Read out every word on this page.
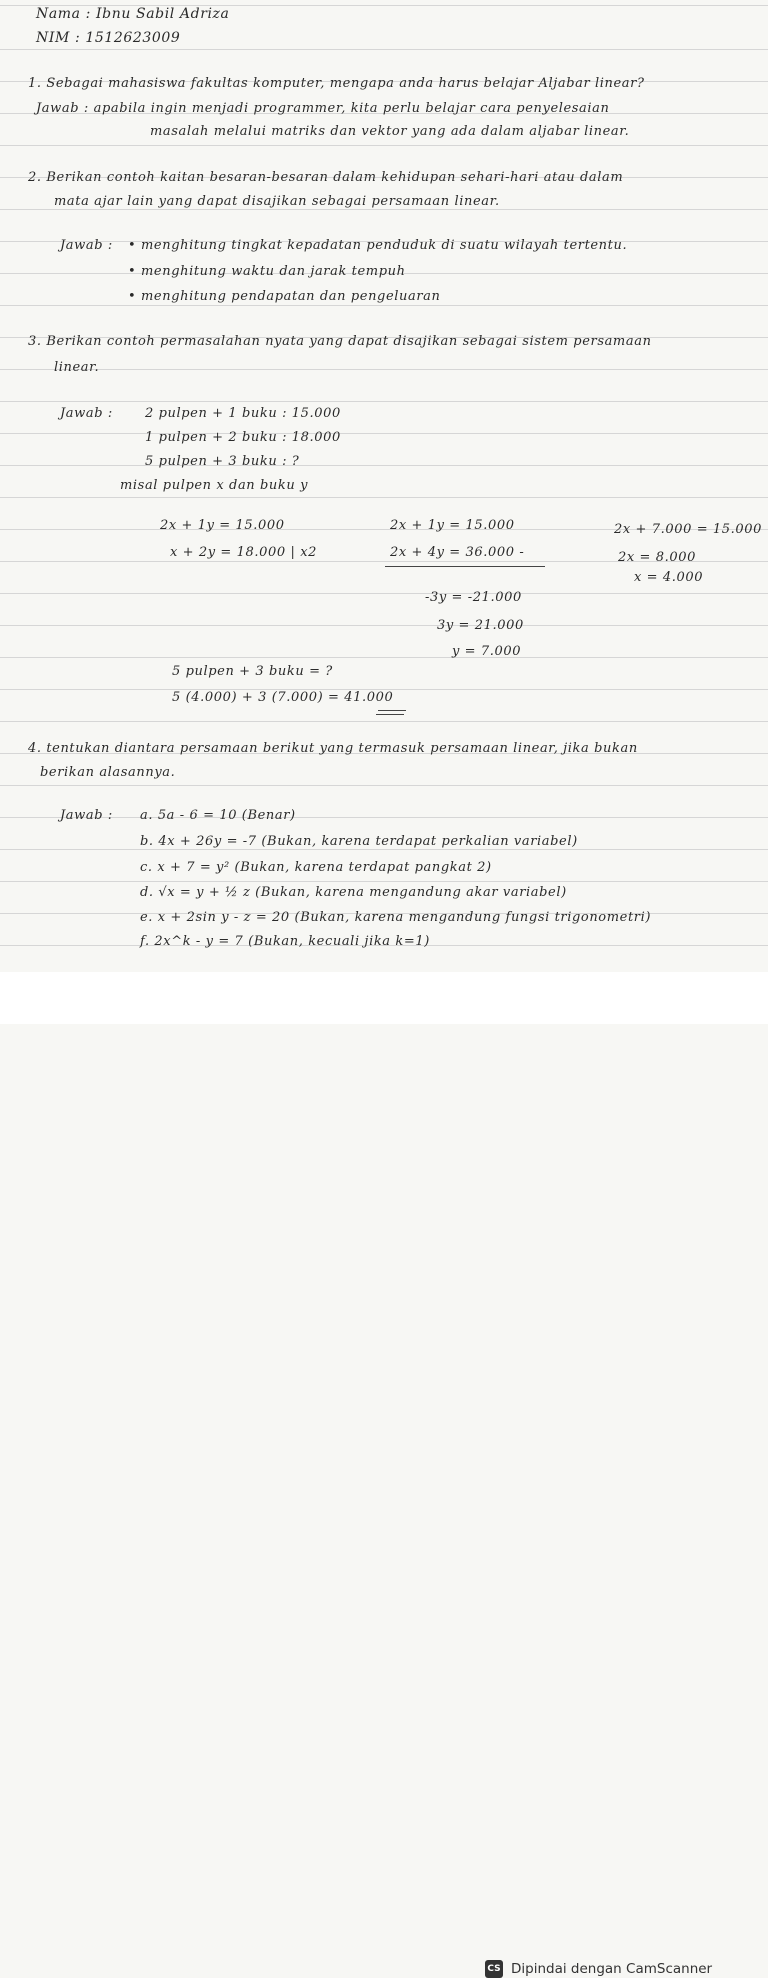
Nama : Ibnu Sabil Adriza
NIM : 1512623009
1. Sebagai mahasiswa fakultas komputer, mengapa anda harus belajar Aljabar linear?
Jawab : apabila ingin menjadi programmer, kita perlu belajar cara penyelesaian
masalah melalui matriks dan vektor yang ada dalam aljabar linear.
2. Berikan contoh kaitan besaran-besaran dalam kehidupan sehari-hari atau dalam
mata ajar lain yang dapat disajikan sebagai persamaan linear.
Jawab : • menghitung tingkat kepadatan penduduk di suatu wilayah tertentu.
• menghitung waktu dan jarak tempuh
• menghitung pendapatan dan pengeluaran
3. Berikan contoh permasalahan nyata yang dapat disajikan sebagai sistem persamaan
linear.
Jawab : 2 pulpen + 1 buku : 15.000
1 pulpen + 2 buku : 18.000
5 pulpen + 3 buku : ?
misal pulpen x dan buku y
2x + 1y = 15.000
x + 2y = 18.000 | x2
2x + 1y = 15.000
2x + 4y = 36.000 -
-3y = -21.000
3y = 21.000
y = 7.000
2x + 7.000 = 15.000
2x = 8.000
x = 4.000
5 pulpen + 3 buku = ?
5 (4.000) + 3 (7.000) = 41.000
4. tentukan diantara persamaan berikut yang termasuk persamaan linear, jika bukan
berikan alasannya.
Jawab : a. 5a - 6 = 10 (Benar)
b. 4x + 26y = -7 (Bukan, karena terdapat perkalian variabel)
c. x + 7 = y² (Bukan, karena terdapat pangkat 2)
d. √x = y + ½ z (Bukan, karena mengandung akar variabel)
e. x + 2sin y - z = 20 (Bukan, karena mengandung fungsi trigonometri)
f. 2x^k - y = 7 (Bukan, kecuali jika k=1)
CS Dipindai dengan CamScanner
